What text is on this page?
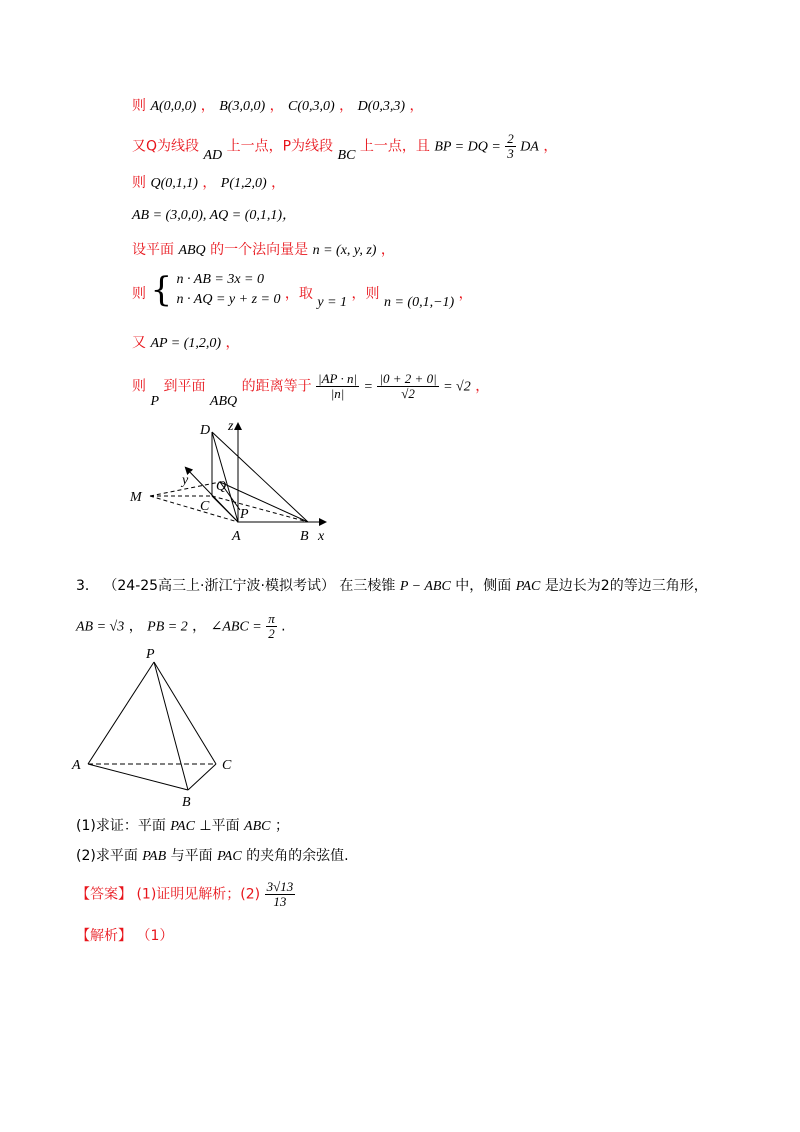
则 A(0,0,0) ， B(3,0,0) ， C(0,3,0) ， D(0,3,3) ，
又Q为线段 AD 上一点，P为线段 BC 上一点，且 BP = DQ = $\frac{2}{3}$ DA ，
则 Q(0,1,1) ， P(1,2,0) ，
AB = (3,0,0), AQ = (0,1,1)，
设平面 ABQ 的一个法向量是 n = (x, y, z) ，
则 { n · AB = 3x = 0
n · AQ = y + z = 0 ，取 y = 1 ，则 n = (0,1,−1) ，
又 AP = (1,2,0) ，
则 P 到平面 ABQ 的距离等于 $\frac{|AP \cdot n|}{|n|} = \frac{|0 + 2 + 0|}{√2} = √2$ ，
D z
y Q
M
C
P
A	B x
3． （24-25高三上·浙江宁波·模拟考试） 在三棱锥 P − ABC 中，侧面 PAC 是边长为2的等边三角形，
AB = √3 ， PB = 2 ， ∠ABC = $\frac{\pi}{2}$ .
P
A
B
C
(1)求证：平面 PAC ⊥平面 ABC ；
(2)求平面 PAB 与平面 PAC 的夹角的余弦值.
【答案】 (1)证明见解析；$(2) \frac{3√13}{13}$
【解析】 （1）
